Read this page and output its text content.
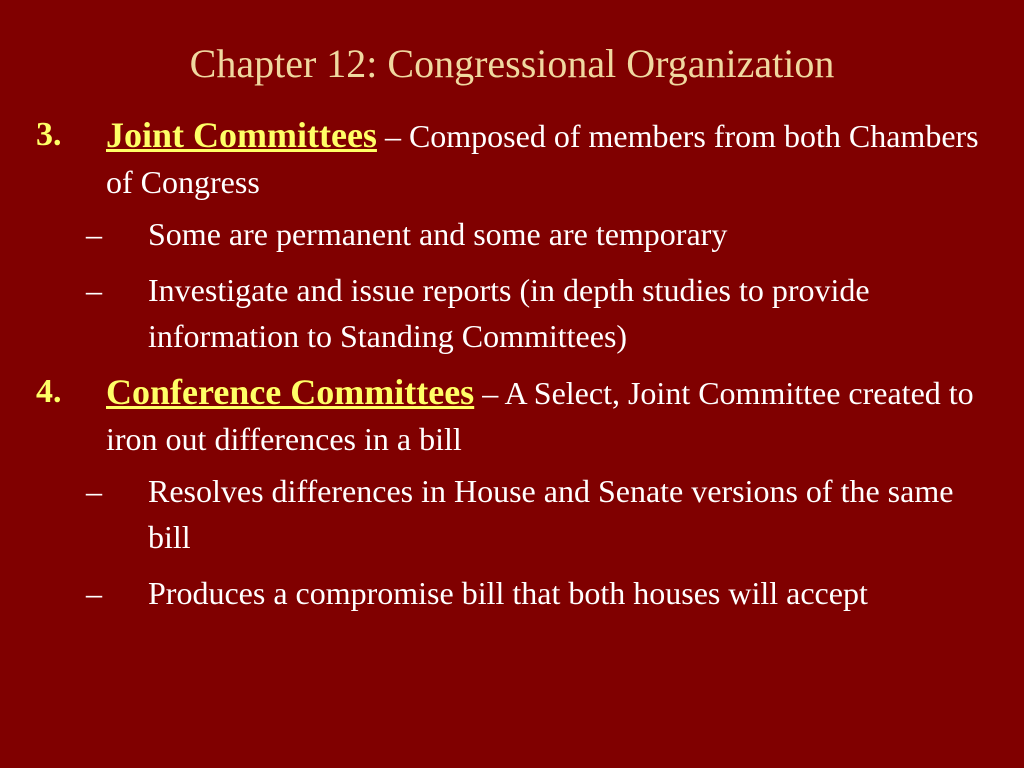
Chapter 12: Congressional Organization
3. Joint Committees – Composed of members from both Chambers of Congress
– Some are permanent and some are temporary
– Investigate and issue reports (in depth studies to provide information to Standing Committees)
4. Conference Committees – A Select, Joint Committee created to iron out differences in a bill
– Resolves differences in House and Senate versions of the same bill
– Produces a compromise bill that both houses will accept
